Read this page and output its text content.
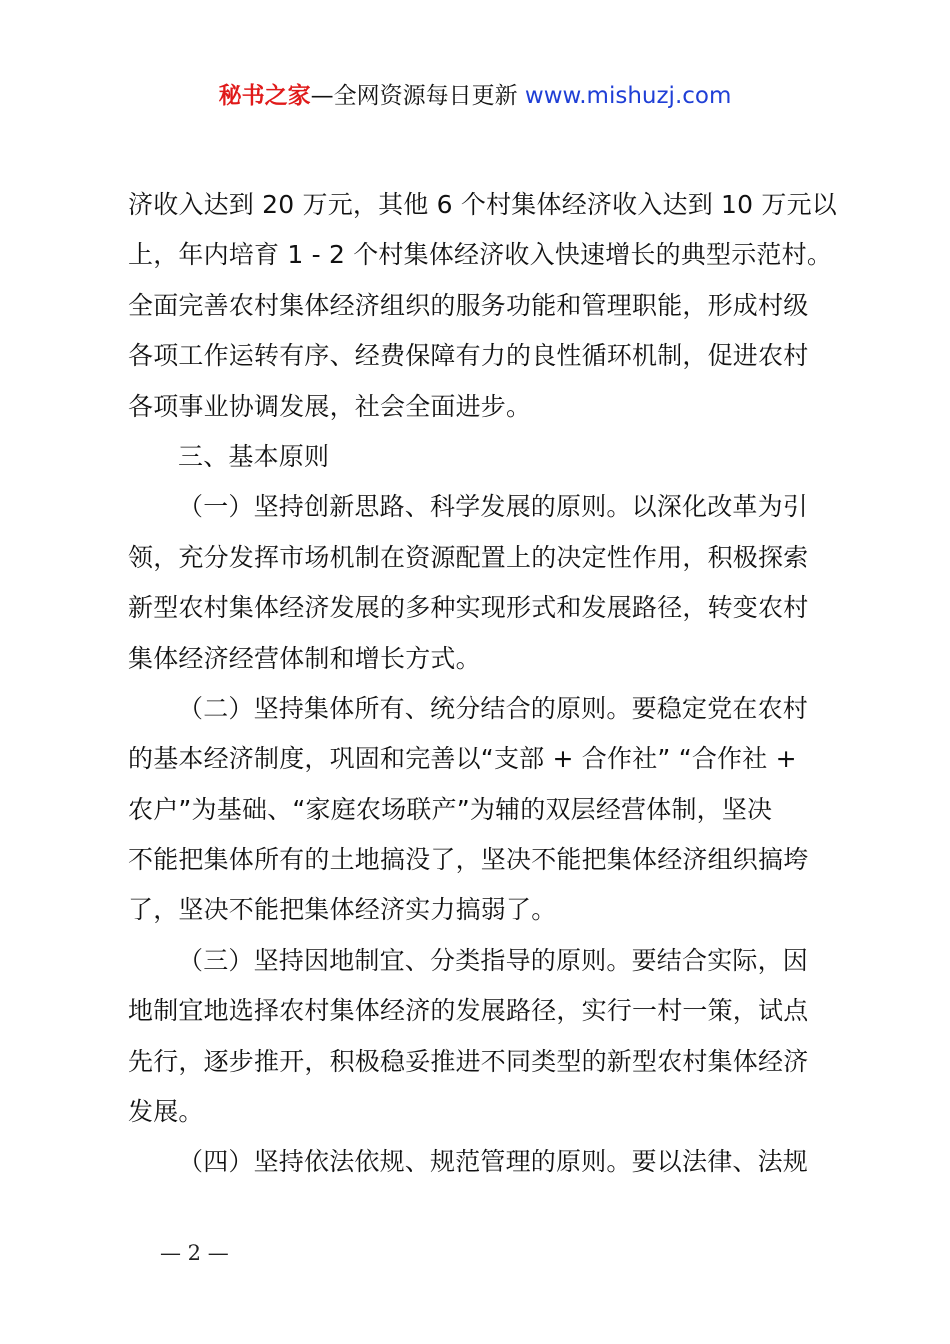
秘书之家—全网资源每日更新 www.mishuzj.com
济收入达到 20 万元，其他 6 个村集体经济收入达到 10 万元以
上，年内培育 1 - 2 个村集体经济收入快速增长的典型示范村。
全面完善农村集体经济组织的服务功能和管理职能，形成村级
各项工作运转有序、经费保障有力的良性循环机制，促进农村
各项事业协调发展，社会全面进步。
三、基本原则
（一）坚持创新思路、科学发展的原则。以深化改革为引
领，充分发挥市场机制在资源配置上的决定性作用，积极探索
新型农村集体经济发展的多种实现形式和发展路径，转变农村
集体经济经营体制和增长方式。
（二）坚持集体所有、统分结合的原则。要稳定党在农村
的基本经济制度，巩固和完善以“支部 + 合作社” “合作社 +
农户”为基础、“家庭农场联产”为辅的双层经营体制，坚决
不能把集体所有的土地搞没了，坚决不能把集体经济组织搞垮
了，坚决不能把集体经济实力搞弱了。
（三）坚持因地制宜、分类指导的原则。要结合实际，因
地制宜地选择农村集体经济的发展路径，实行一村一策，试点
先行，逐步推开，积极稳妥推进不同类型的新型农村集体经济
发展。
（四）坚持依法依规、规范管理的原则。要以法律、法规
— 2 —
